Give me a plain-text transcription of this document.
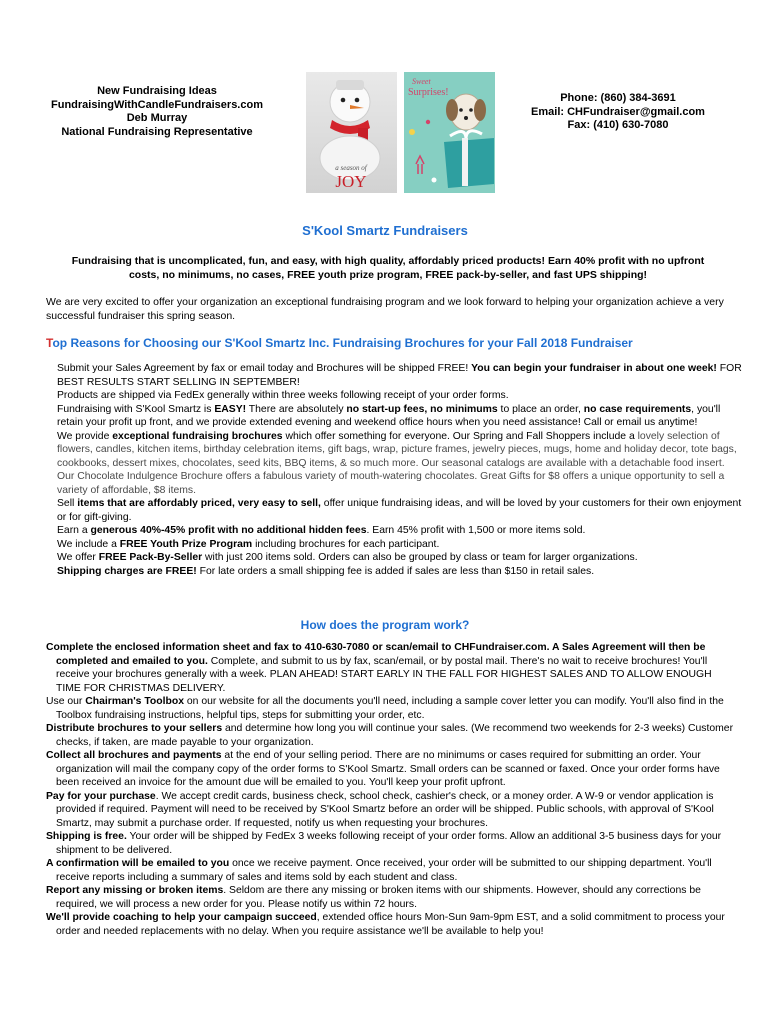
New Fundraising Ideas
FundraisingWithCandleFundraisers.com
Deb Murray
National Fundraising Representative
a season of
JOY
Sweet
Surprises!	Phone: (860) 384-3691
Email: CHFundraiser@gmail.com
Fax: (410) 630-7080
S'Kool Smartz Fundraisers
Fundraising that is uncomplicated, fun, and easy, with high quality, affordably priced products! Earn 40% profit with no upfront costs, no minimums, no cases, FREE youth prize program, FREE pack-by-seller, and fast UPS shipping!
We are very excited to offer your organization an exceptional fundraising program and we look forward to helping your organization achieve a very successful fundraiser this spring season.
Top Reasons for Choosing our S'Kool Smartz Inc. Fundraising Brochures for your Fall 2018 Fundraiser

Submit your Sales Agreement by fax or email today and Brochures will be shipped FREE! You can begin your fundraiser in about one week! FOR BEST RESULTS START SELLING IN SEPTEMBER!

Products are shipped via FedEx generally within three weeks following receipt of your order forms.

Fundraising with S'Kool Smartz is EASY! There are absolutely no start-up fees, no minimums to place an order, no case requirements, you'll retain your profit up front, and we provide extended evening and weekend office hours when you need assistance! Call or email us anytime!

We provide exceptional fundraising brochures which offer something for everyone. Our Spring and Fall Shoppers include a lovely selection of flowers, candles, kitchen items, birthday celebration items, gift bags, wrap, picture frames, jewelry pieces, mugs, home and holiday decor, tote bags, cookbooks, dessert mixes, chocolates, seed kits, BBQ items, & so much more. Our seasonal catalogs are available with a detachable food insert.

Our Chocolate Indulgence Brochure offers a fabulous variety of mouth-watering chocolates. Great Gifts for $8 offers a unique opportunity to sell a variety of affordable, $8 items.

Sell items that are affordably priced, very easy to sell, offer unique fundraising ideas, and will be loved by your customers for their own enjoyment or for gift-giving.

Earn a generous 40%-45% profit with no additional hidden fees. Earn 45% profit with 1,500 or more items sold.

We include a FREE Youth Prize Program including brochures for each participant.

We offer FREE Pack-By-Seller with just 200 items sold. Orders can also be grouped by class or team for larger organizations.

Shipping charges are FREE! For late orders a small shipping fee is added if sales are less than $150 in retail sales.

How does the program work?

Complete the enclosed information sheet and fax to 410-630-7080 or scan/email to CHFundraiser.com. A Sales Agreement will then be completed and emailed to you. Complete, and submit to us by fax, scan/email, or by postal mail. There's no wait to receive brochures! You'll receive your brochures generally with a week. PLAN AHEAD! START EARLY IN THE FALL FOR HIGHEST SALES AND TO ALLOW ENOUGH TIME FOR CHRISTMAS DELIVERY.

Use our Chairman's Toolbox on our website for all the documents you'll need, including a sample cover letter you can modify. You'll also find in the Toolbox fundraising instructions, helpful tips, steps for submitting your order, etc.

Distribute brochures to your sellers and determine how long you will continue your sales. (We recommend two weekends for 2-3 weeks) Customer checks, if taken, are made payable to your organization.

Collect all brochures and payments at the end of your selling period. There are no minimums or cases required for submitting an order. Your organization will mail the company copy of the order forms to S'Kool Smartz. Small orders can be scanned or faxed. Once your order forms have been received an invoice for the amount due will be emailed to you. You'll keep your profit upfront.

Pay for your purchase. We accept credit cards, business check, school check, cashier's check, or a money order. A W-9 or vendor application is provided if required. Payment will need to be received by S'Kool Smartz before an order will be shipped. Public schools, with approval of S'Kool Smartz, may submit a purchase order. If requested, notify us when requesting your brochures.

Shipping is free. Your order will be shipped by FedEx 3 weeks following receipt of your order forms. Allow an additional 3-5 business days for your shipment to be delivered.

A confirmation will be emailed to you once we receive payment. Once received, your order will be submitted to our shipping department. You'll receive reports including a summary of sales and items sold by each student and class.

Report any missing or broken items. Seldom are there any missing or broken items with our shipments. However, should any corrections be required, we will process a new order for you. Please notify us within 72 hours.

We'll provide coaching to help your campaign succeed, extended office hours Mon-Sun 9am-9pm EST, and a solid commitment to process your order and needed replacements with no delay. When you require assistance we'll be available to help you!
